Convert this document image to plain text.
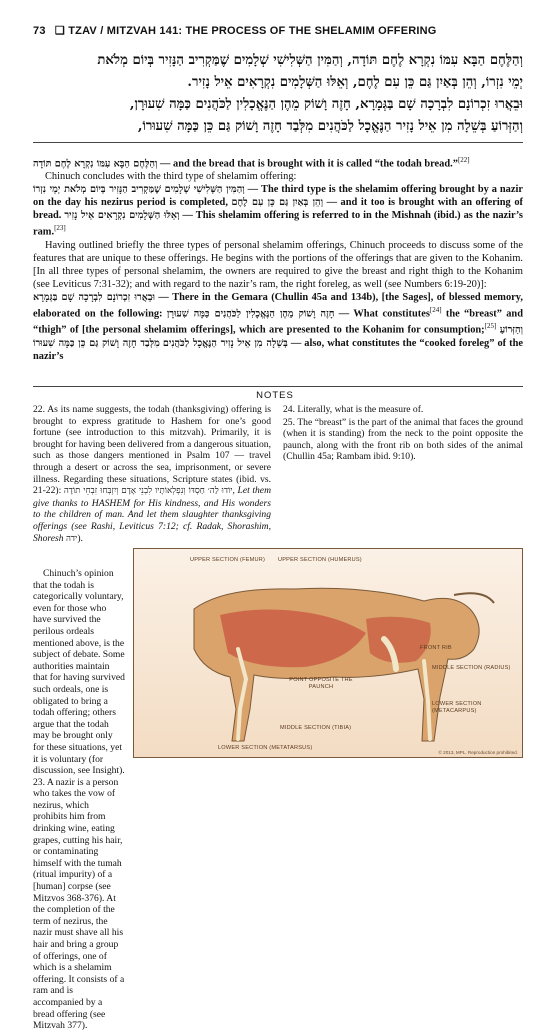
73 ❑ TZAV / MITZVAH 141: THE PROCESS OF THE SHELAMIM OFFERING
וְהַלֶּחֶם הַבָּא עִמּוֹ נִקְרָא לֶחֶם תּוֹדָה, וְהַמִּין הַשְּׁלִישִׁי שְׁלָמִים שֶׁמַּקְרִיב הַנָּזִיר בְּיוֹם מְלֹאת
יְמֵי נִזְרוֹ, וְהֵן בְּאַיִן גַּם כֵּן עִם לֶחֶם, וְאֵלּוּ הַשְּׁלָמִים נִקְרָאִים אֵיל נָזִיר.
וּבֵאֲרוּ זִכְרוֹנָם לִבְרָכָה שָׁם בַּגְּמָרָא, חָזֶה וָשׁוֹק מֵהֶן הַנֶּאֱכָלִין לַכֹּהֲנִים כַּמָּה שִׁעוּרָן,
וְהַזְּרוֹעַ בְּשֵׁלָה מִן אֵיל נָזִיר הַנֶּאֱכָל לַכֹּהֲנִים מִלְּבַד חָזֶה וָשׁוֹק גַּם כֵּן כַּמָּה שִׁעוּרוֹ,

וְהַלֶּחֶם הַבָּא עִמּוֹ נִקְרָא לֶחֶם תּוֹדָה — and the bread that is brought with it is called “the todah bread.”[22]

Chinuch concludes with the third type of shelamim offering:

וְהַמִּין הַשְּׁלִישִׁי שְׁלָמִים שֶׁמַּקְרִיב הַנָּזִיר בְּיוֹם מְלֹאת יְמֵי נִזְרוֹ — The third type is the shelamim offering brought by a nazir on the day his nezirus period is completed, וְהֵן בְּאַיִן גַּם כֵּן עִם לֶחֶם — and it too is brought with an offering of bread. וְאֵלּוּ הַשְּׁלָמִים נִקְרָאִים אֵיל נָזִיר — This shelamim offering is referred to in the Mishnah (ibid.) as the nazir’s ram.[23]

Having outlined briefly the three types of personal shelamim offerings, Chinuch proceeds to discuss some of the features that are unique to these offerings. He begins with the portions of the offerings that are given to the Kohanim. [In all three types of personal shelamim, the owners are required to give the breast and right thigh to the Kohanim (see Leviticus 7:31-32); and with regard to the nazir’s ram, the right foreleg, as well (see Numbers 6:19-20)]:

וּבֵאֲרוּ זִכְרוֹנָם לִבְרָכָה שָׁם בַּגְּמָרָא — There in the Gemara (Chullin 45a and 134b), [the Sages], of blessed memory, elaborated on the following: חָזֶה וָשׁוֹק מֵהֶן הַנֶּאֱכָלִין לַכֹּהֲנִים כַּמָּה שִׁעוּרָן — What constitutes[24] the “breast” and “thigh” of [the personal shelamim offerings], which are presented to the Kohanim for consumption;[25] וְהַזְּרוֹעַ בְּשֵׁלָה מִן אֵיל נָזִיר הַנֶּאֱכָל לַכֹּהֲנִים מִלְּבַד חָזֶה וָשׁוֹק גַּם כֵּן כַּמָּה שִׁעוּרוֹ	— also, what constitutes the “cooked foreleg” of the nazir’s

NOTES

22. As its name suggests, the todah (thanksgiving) offering is brought to express gratitude to Hashem for one’s good fortune (see introduction to this mitzvah). Primarily, it is brought for having been delivered from a dangerous situation, such as those dangers mentioned in Psalm 107 — travel through a desert or across the sea, imprisonment, or severe illness. Regarding these situations, Scripture states (ibid. vs. 21-22): יוֹדוּ לַה׳ חַסְדּוֹ וְנִפְלְאוֹתָיו לִבְנֵי אָדָם וְיִזְבְּחוּ זִבְחֵי תוֹדָה, Let them give thanks to HASHEM for His kindness, and His wonders to the children of man. And let them slaughter thanksgiving offerings (see Rashi, Leviticus 7:12; cf. Radak, Shorashim, Shoresh ידה).

Chinuch’s opinion that the todah is categorically voluntary, even for those who have survived the perilous ordeals mentioned above, is the subject of debate. Some authorities maintain that for having survived such ordeals, one is obligated to bring a todah offering; others argue that the todah may be brought only for these situations, yet it is voluntary (for discussion, see Insight).

23. A nazir is a person who takes the vow of nezirus, which prohibits him from drinking wine, eating grapes, cutting his hair, or contaminating himself with the tumah (ritual impurity) of a [human] corpse (see Mitzvos 368-376). At the completion of the term of nezirus, the nazir must shave all his hair and bring a group of offerings, one of which is a shelamim offering. It consists of a ram and is accompanied by a bread offering (see Mitzvah 377).

24. Literally, what is the measure of.

25. The “breast” is the part of the animal that faces the ground (when it is standing) from the neck to the point opposite the paunch, along with the front rib on both sides of the animal (Chullin 45a; Rambam ibid. 9:10).

UPPER SECTION (FEMUR) UPPER SECTION (HUMERUS)
FRONT RIB
MIDDLE SECTION (RADIUS)
POINT OPPOSITE THE PAUNCH
LOWER SECTION (METACARPUS)
MIDDLE SECTION (TIBIA)
LOWER SECTION (METATARSUS)
© 2013, MPL. Reproduction prohibited.
